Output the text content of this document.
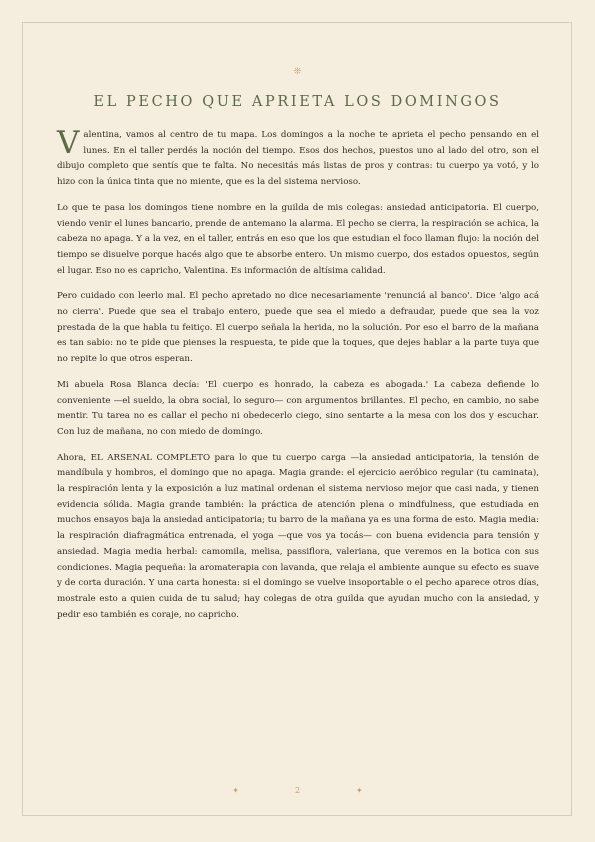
❊
EL PECHO QUE APRIETA LOS DOMINGOS

Valentina, vamos al centro de tu mapa. Los domingos a la noche te aprieta el pecho pensando en el lunes. En el taller perdés la noción del tiempo. Esos dos hechos, puestos uno al lado del otro, son el dibujo completo que sentís que te falta. No necesitás más listas de pros y contras: tu cuerpo ya votó, y lo hizo con la única tinta que no miente, que es la del sistema nervioso.

Lo que te pasa los domingos tiene nombre en la guilda de mis colegas: ansiedad anticipatoria. El cuerpo, viendo venir el lunes bancario, prende de antemano la alarma. El pecho se cierra, la respiración se achica, la cabeza no apaga. Y a la vez, en el taller, entrás en eso que los que estudian el foco llaman flujo: la noción del tiempo se disuelve porque hacés algo que te absorbe entero. Un mismo cuerpo, dos estados opuestos, según el lugar. Eso no es capricho, Valentina. Es información de altísima calidad.

Pero cuidado con leerlo mal. El pecho apretado no dice necesariamente 'renunciá al banco'. Dice 'algo acá no cierra'. Puede que sea el trabajo entero, puede que sea el miedo a defraudar, puede que sea la voz prestada de la que habla tu feitiço. El cuerpo señala la herida, no la solución. Por eso el barro de la mañana es tan sabio: no te pide que pienses la respuesta, te pide que la toques, que dejes hablar a la parte tuya que no repite lo que otros esperan.

Mi abuela Rosa Blanca decía: 'El cuerpo es honrado, la cabeza es abogada.' La cabeza defiende lo conveniente —el sueldo, la obra social, lo seguro— con argumentos brillantes. El pecho, en cambio, no sabe mentir. Tu tarea no es callar el pecho ni obedecerlo ciego, sino sentarte a la mesa con los dos y escuchar. Con luz de mañana, no con miedo de domingo.

Ahora, EL ARSENAL COMPLETO para lo que tu cuerpo carga —la ansiedad anticipatoria, la tensión de mandíbula y hombros, el domingo que no apaga. Magia grande: el ejercicio aeróbico regular (tu caminata), la respiración lenta y la exposición a luz matinal ordenan el sistema nervioso mejor que casi nada, y tienen evidencia sólida. Magia grande también: la práctica de atención plena o mindfulness, que estudiada en muchos ensayos baja la ansiedad anticipatoria; tu barro de la mañana ya es una forma de esto. Magia media: la respiración diafragmática entrenada, el yoga —que vos ya tocás— con buena evidencia para tensión y ansiedad. Magia media herbal: camomila, melisa, passiflora, valeriana, que veremos en la botica con sus condiciones. Magia pequeña: la aromaterapia con lavanda, que relaja el ambiente aunque su efecto es suave y de corta duración. Y una carta honesta: si el domingo se vuelve insoportable o el pecho aparece otros días, mostrale esto a quien cuida de tu salud; hay colegas de otra guilda que ayudan mucho con la ansiedad, y pedir eso también es coraje, no capricho.

✦	2	✦
